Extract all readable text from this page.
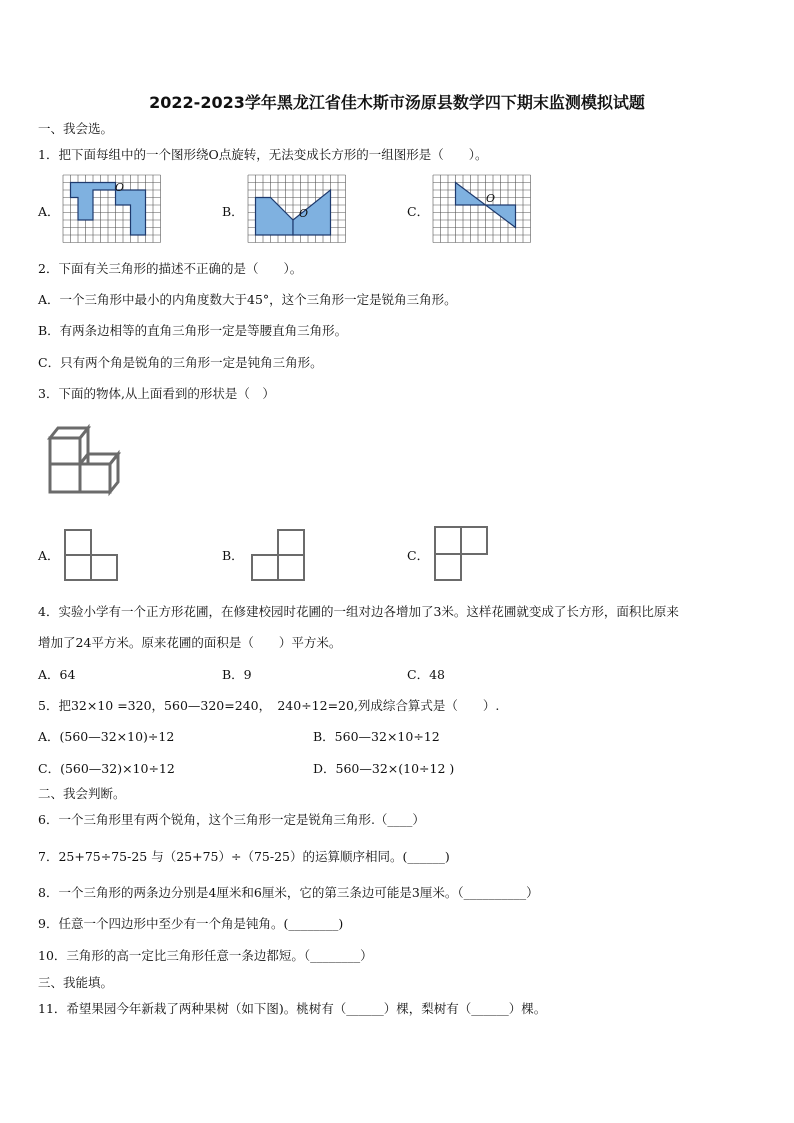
2022-2023学年黑龙江省佳木斯市汤原县数学四下期末监测模拟试题
一、我会选。
1．把下面每组中的一个图形绕O点旋转，无法变成长方形的一组图形是（　　）。
A．	B．	C．
O
O
O
2．下面有关三角形的描述不正确的是（　　）。
A．一个三角形中最小的内角度数大于45°，这个三角形一定是锐角三角形。
B．有两条边相等的直角三角形一定是等腰直角三角形。
C．只有两个角是锐角的三角形一定是钝角三角形。
3．下面的物体,从上面看到的形状是（　）
A．	B．	C．
4．实验小学有一个正方形花圃，在修建校园时花圃的一组对边各增加了3米。这样花圃就变成了长方形，面积比原来
增加了24平方米。原来花圃的面积是（　　）平方米。
A．64	B．9	C．48
5．把32×10 =320，560—320=240，　240÷12=20,列成综合算式是（　　）.
A．(560—32×10)÷12	B．560—32×10÷12
C．(560—32)×10÷12	D．560—32×(10÷12 )
二、我会判断。
6．一个三角形里有两个锐角，这个三角形一定是锐角三角形.（____）
7．25+75÷75-25 与（25+75）÷（75-25）的运算顺序相同。(______)
8．一个三角形的两条边分别是4厘米和6厘米，它的第三条边可能是3厘米。（__________）
9．任意一个四边形中至少有一个角是钝角。(________)
10．三角形的高一定比三角形任意一条边都短。（________）
三、我能填。
11．希望果园今年新栽了两种果树（如下图)。桃树有（______）棵，梨树有（______）棵。
